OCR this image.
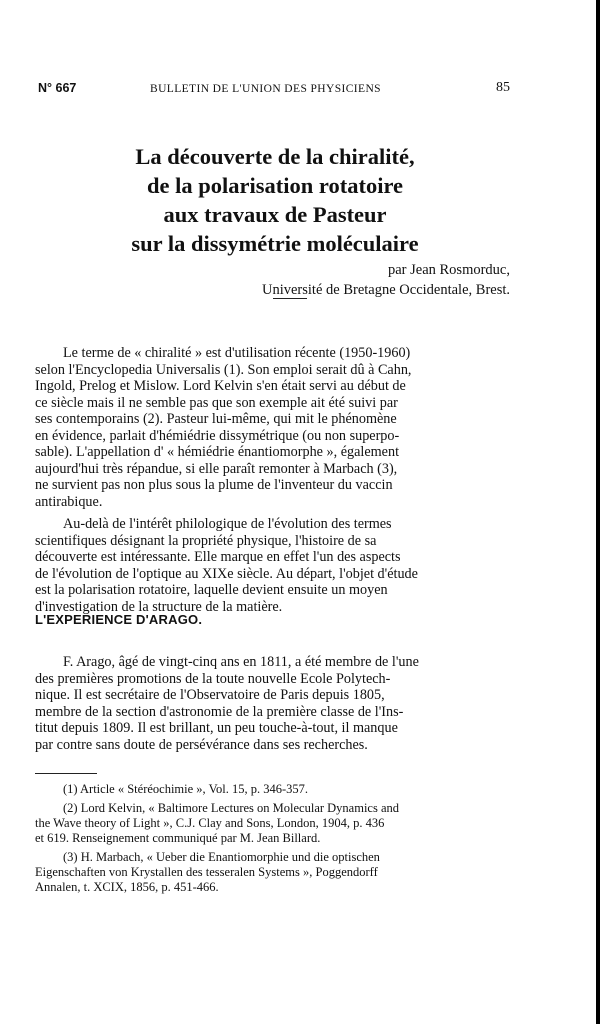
N° 667	BULLETIN DE L'UNION DES PHYSICIENS	85
La découverte de la chiralité,
de la polarisation rotatoire
aux travaux de Pasteur
sur la dissymétrie moléculaire
par Jean Rosmorduc,
Université de Bretagne Occidentale, Brest.
Le terme de « chiralité » est d'utilisation récente (1950-1960)
selon l'Encyclopedia Universalis (1). Son emploi serait dû à Cahn,
Ingold, Prelog et Mislow. Lord Kelvin s'en était servi au début de
ce siècle mais il ne semble pas que son exemple ait été suivi par
ses contemporains (2). Pasteur lui-même, qui mit le phénomène
en évidence, parlait d'hémiédrie dissymétrique (ou non superpo-
sable). L'appellation d' « hémiédrie énantiomorphe », également
aujourd'hui très répandue, si elle paraît remonter à Marbach (3),
ne survient pas non plus sous la plume de l'inventeur du vaccin
antirabique.
Au-delà de l'intérêt philologique de l'évolution des termes
scientifiques désignant la propriété physique, l'histoire de sa
découverte est intéressante. Elle marque en effet l'un des aspects
de l'évolution de l'optique au XIXe siècle. Au départ, l'objet d'étude
est la polarisation rotatoire, laquelle devient ensuite un moyen
d'investigation de la structure de la matière.
L'EXPERIENCE D'ARAGO.
F. Arago, âgé de vingt-cinq ans en 1811, a été membre de l'une
des premières promotions de la toute nouvelle Ecole Polytech-
nique. Il est secrétaire de l'Observatoire de Paris depuis 1805,
membre de la section d'astronomie de la première classe de l'Ins-
titut depuis 1809. Il est brillant, un peu touche-à-tout, il manque
par contre sans doute de persévérance dans ses recherches.
(1) Article « Stéréochimie », Vol. 15, p. 346-357.
(2) Lord Kelvin, « Baltimore Lectures on Molecular Dynamics and
the Wave theory of Light », C.J. Clay and Sons, London, 1904, p. 436
et 619. Renseignement communiqué par M. Jean Billard.
(3) H. Marbach, « Ueber die Enantiomorphie und die optischen
Eigenschaften von Krystallen des tesseralen Systems », Poggendorff
Annalen, t. XCIX, 1856, p. 451-466.
